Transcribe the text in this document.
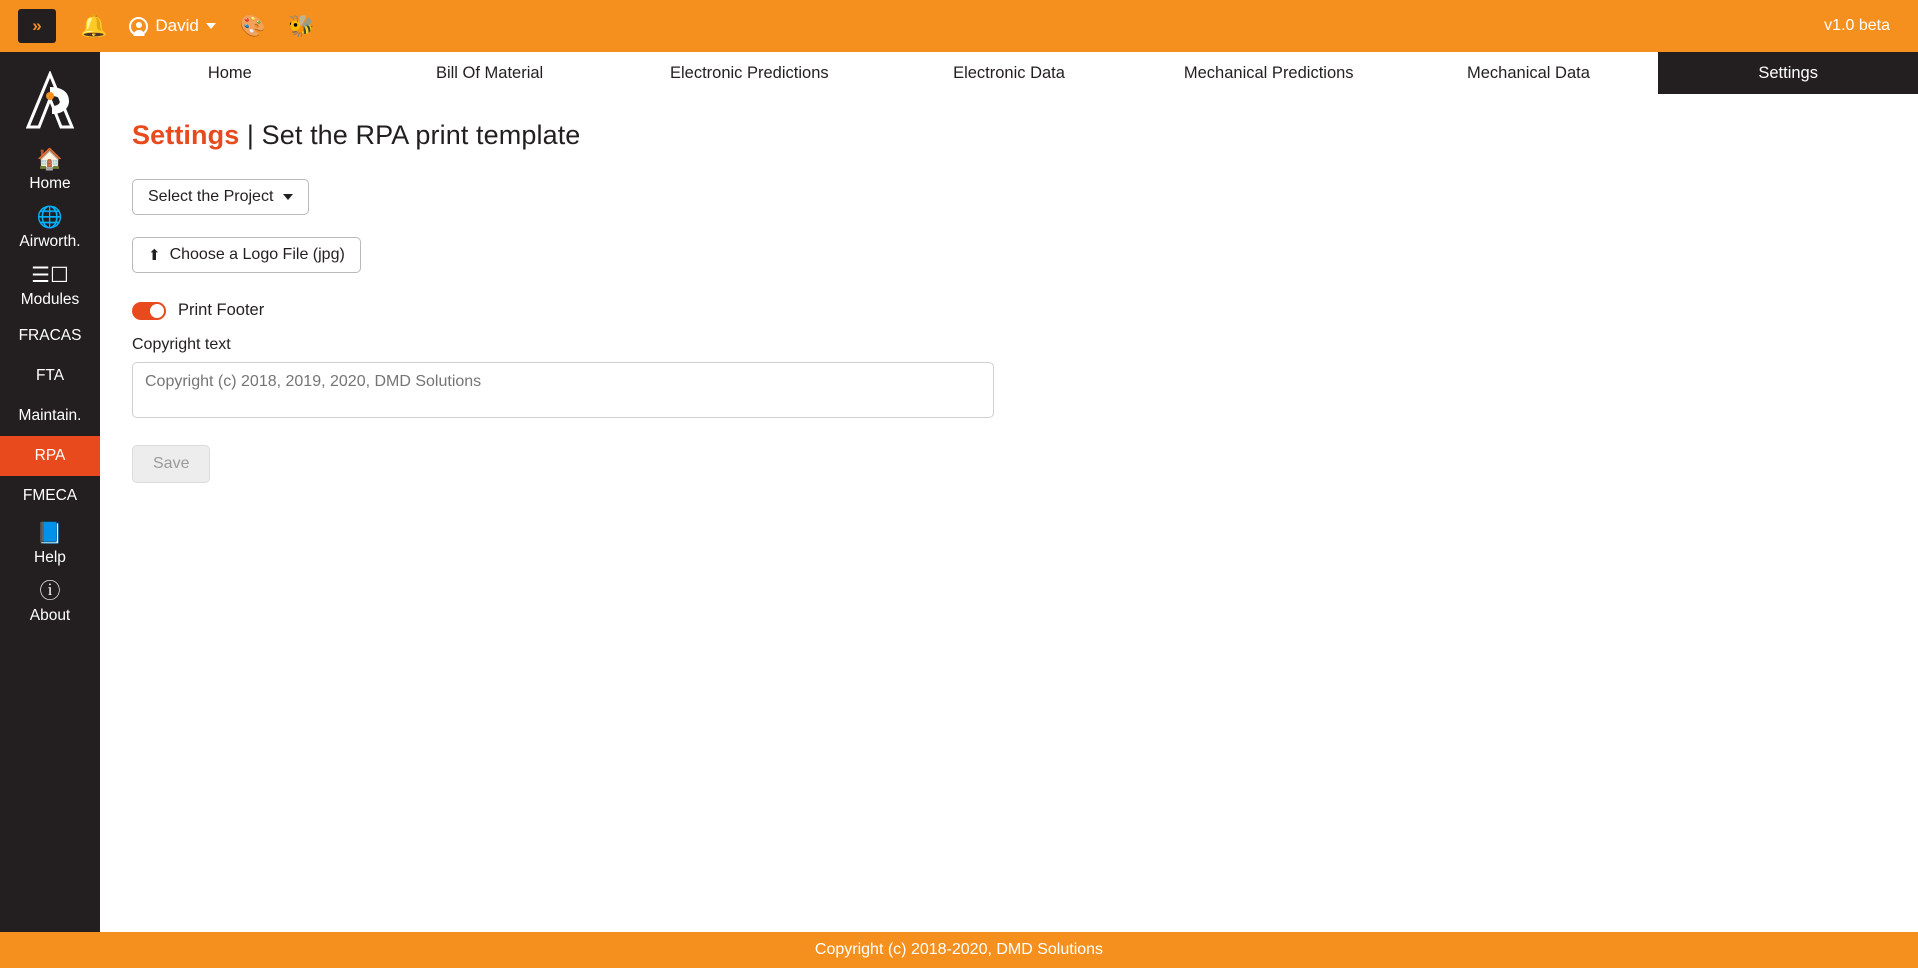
» 🔔	David 🎨 🐝	v1.0 beta
🏠
Home
🌐
Airworth.
☰☐
Modules
FRACAS
FTA
Maintain.
RPA
FMECA
📘
Help
ⓘ
About
Home	Bill Of Material	Electronic Predictions	Electronic Data	Mechanical Predictions	Mechanical Data	Settings
Settings | Set the RPA print template
Select the Project
⬆ Choose a Logo File (jpg)
Print Footer
Copyright text
Copyright (c) 2018, 2019, 2020, DMD Solutions
Save
Copyright (c) 2018-2020, DMD Solutions
